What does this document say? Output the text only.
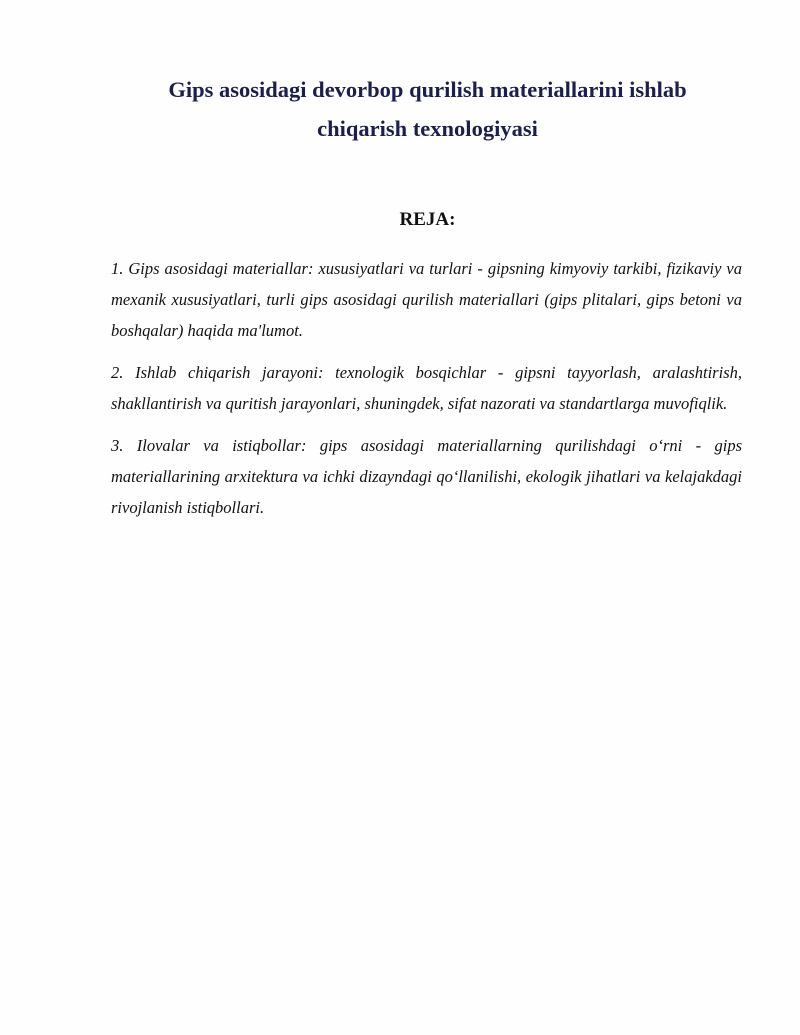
Gips asosidagi devorbop qurilish materiallarini ishlab
chiqarish texnologiyasi
REJA:
1. Gips asosidagi materiallar: xususiyatlari va turlari - gipsning kimyoviy tarkibi, fizikaviy va mexanik xususiyatlari, turli gips asosidagi qurilish materiallari (gips plitalari, gips betoni va boshqalar) haqida ma'lumot.
2. Ishlab chiqarish jarayoni: texnologik bosqichlar - gipsni tayyorlash, aralashtirish, shakllantirish va quritish jarayonlari, shuningdek, sifat nazorati va standartlarga muvofiqlik.
3. Ilovalar va istiqbollar: gips asosidagi materiallarning qurilishdagi o‘rni - gips materiallarining arxitektura va ichki dizayndagi qo‘llanilishi, ekologik jihatlari va kelajakdagi rivojlanish istiqbollari.
